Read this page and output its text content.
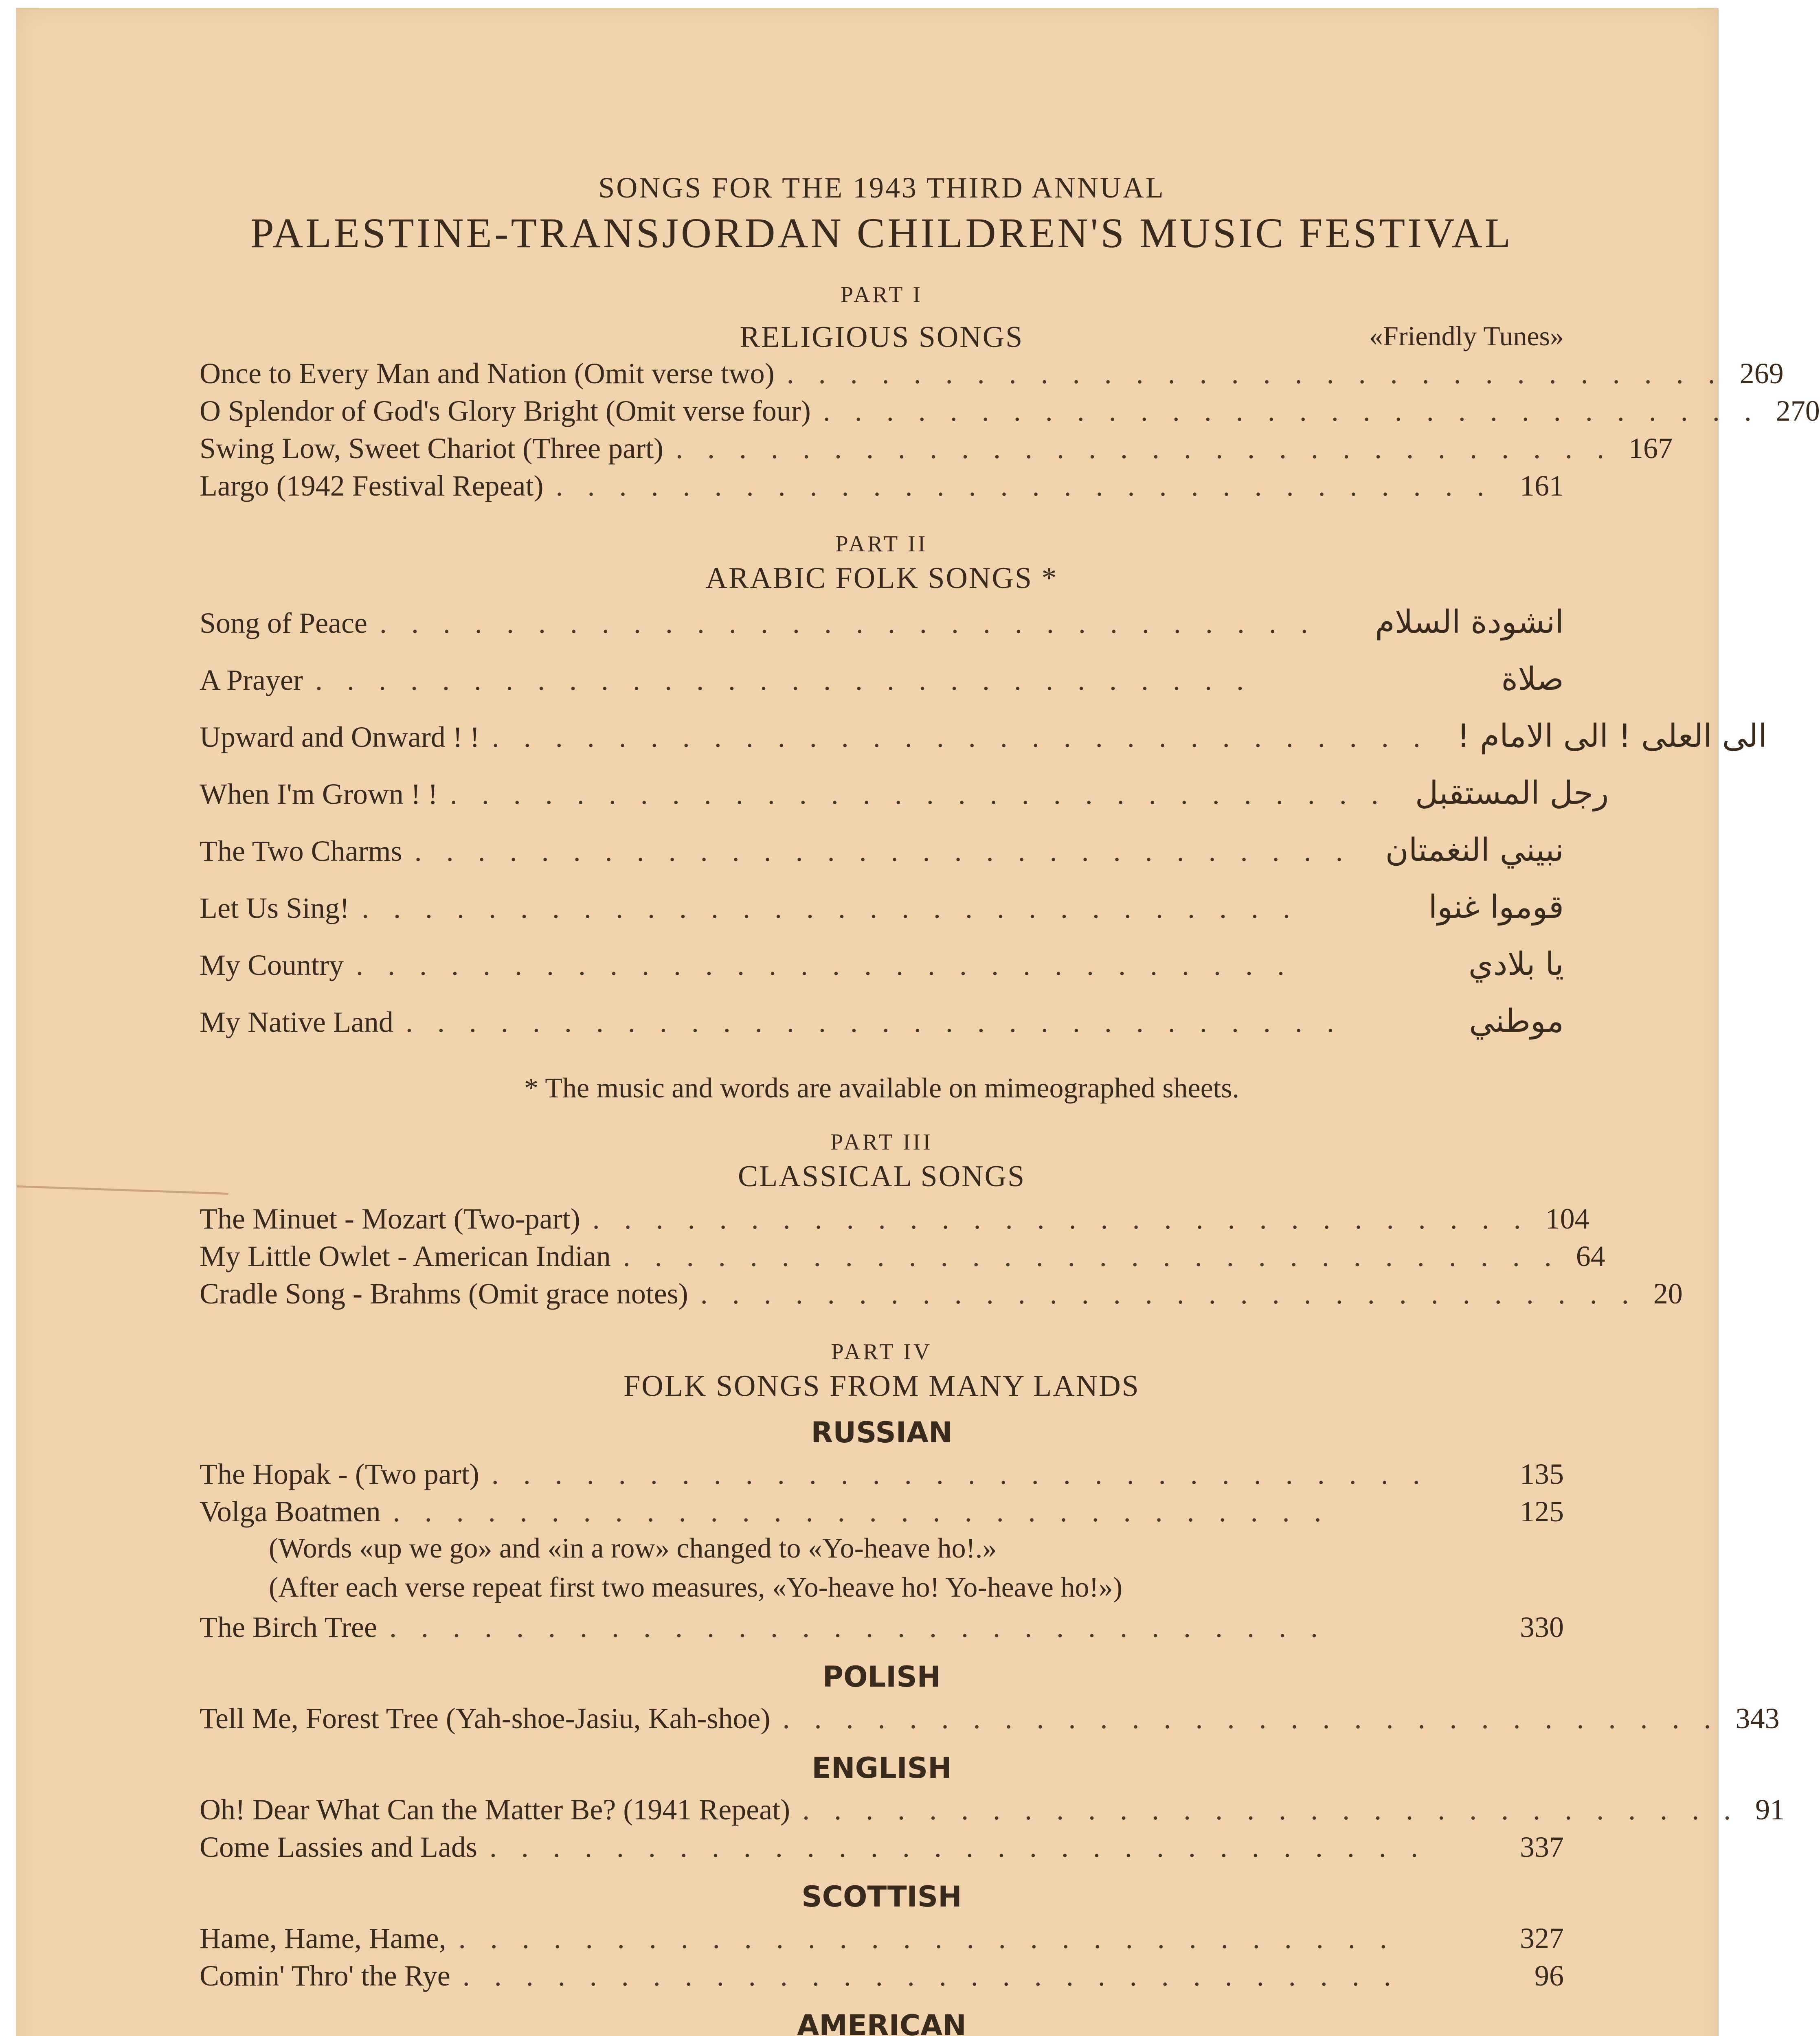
SONGS FOR THE 1943 THIRD ANNUAL
PALESTINE-TRANSJORDAN CHILDREN'S MUSIC FESTIVAL
PART I
RELIGIOUS SONGS	«Friendly Tunes»
Once to Every Man and Nation (Omit verse two) .............................. 269
O Splendor of God's Glory Bright (Omit verse four) .............................. 270
Swing Low, Sweet Chariot (Three part) .............................. 167
Largo (1942 Festival Repeat) .............................. 161
PART II
ARABIC FOLK SONGS *
Song of Peace ..............................	انشودة السلام
A Prayer ..............................	صلاة
Upward and Onward ! ! .............................. الى العلى ! الى الامام !
When I'm Grown ! ! .............................. رجل المستقبل
The Two Charms .............................. نبيني النغمتان
Let Us Sing! ..............................	قوموا غنوا
My Country ..............................	يا بلادي
My Native Land ..............................	موطني
* The music and words are available on mimeographed sheets.
PART III
CLASSICAL SONGS
The Minuet - Mozart (Two-part) .............................. 104
My Little Owlet - American Indian .............................. 64
Cradle Song - Brahms (Omit grace notes) .............................. 20
PART IV
FOLK SONGS FROM MANY LANDS
RUSSIAN
The Hopak - (Two part) ..............................	135
Volga Boatmen ..............................	125
(Words «up we go» and «in a row» changed to «Yo-heave ho!.»
(After each verse repeat first two measures, «Yo-heave ho! Yo-heave ho!»)
The Birch Tree ..............................	330
POLISH
Tell Me, Forest Tree (Yah-shoe-Jasiu, Kah-shoe) .............................. 343
ENGLISH
Oh! Dear What Can the Matter Be? (1941 Repeat) .............................. 91
Come Lassies and Lads ..............................	337
SCOTTISH
Hame, Hame, Hame, ..............................	327
Comin' Thro' the Rye ..............................	96
AMERICAN
